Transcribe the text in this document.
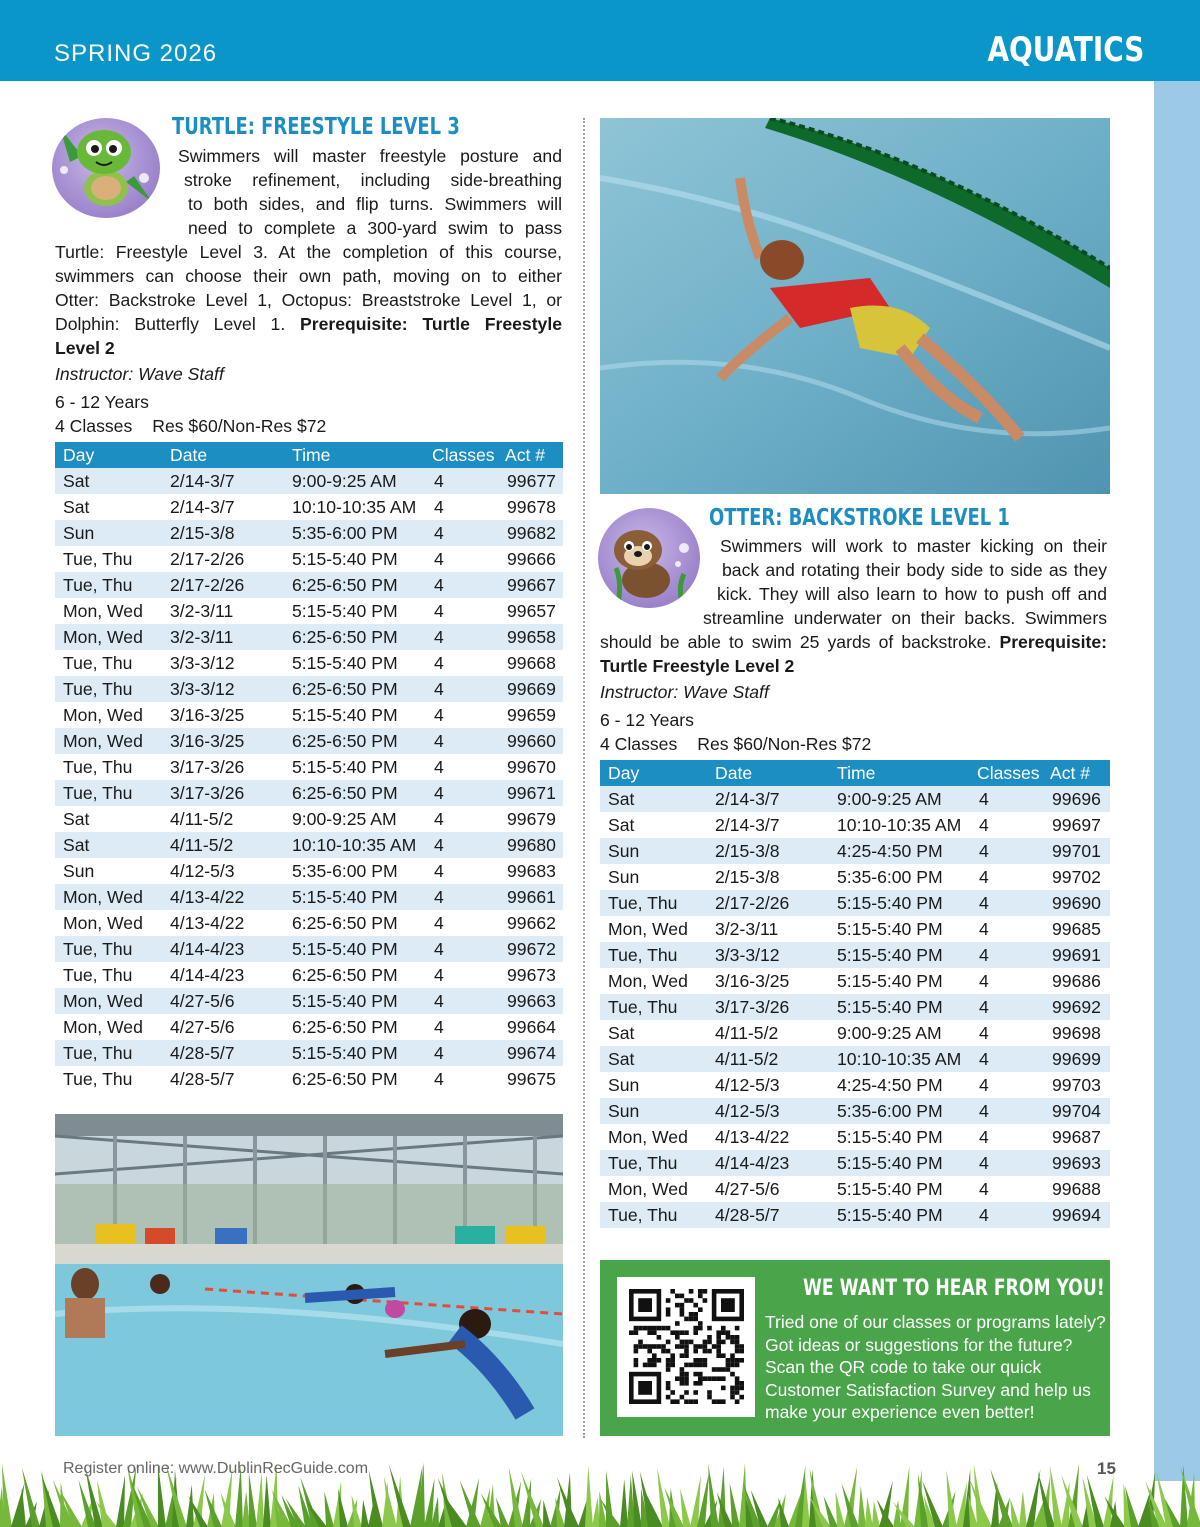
SPRING 2026	AQUATICS
TURTLE: FREESTYLE LEVEL 3
Swimmers will master freestyle posture and
stroke refinement, including side-breathing
to both sides, and flip turns. Swimmers will
need to complete a 300-yard swim to pass
Turtle: Freestyle Level 3. At the completion of this course,
swimmers can choose their own path, moving on to either
Otter: Backstroke Level 1, Octopus: Breaststroke Level 1, or
Dolphin: Butterfly Level 1. Prerequisite: Turtle Freestyle
Level 2
Instructor: Wave Staff
6 - 12 Years
4 Classes Res $60/Non-Res $72
Day	Date	Time	Classes	Act #
Sat	2/14-3/7	9:00-9:25 AM	4	99677
Sat	2/14-3/7	10:10-10:35 AM	4	99678
Sun	2/15-3/8	5:35-6:00 PM	4	99682
Tue, Thu	2/17-2/26	5:15-5:40 PM	4	99666
Tue, Thu	2/17-2/26	6:25-6:50 PM	4	99667
Mon, Wed	3/2-3/11	5:15-5:40 PM	4	99657
Mon, Wed	3/2-3/11	6:25-6:50 PM	4	99658
Tue, Thu	3/3-3/12	5:15-5:40 PM	4	99668
Tue, Thu	3/3-3/12	6:25-6:50 PM	4	99669
Mon, Wed	3/16-3/25	5:15-5:40 PM	4	99659
Mon, Wed	3/16-3/25	6:25-6:50 PM	4	99660
Tue, Thu	3/17-3/26	5:15-5:40 PM	4	99670
Tue, Thu	3/17-3/26	6:25-6:50 PM	4	99671
Sat	4/11-5/2	9:00-9:25 AM	4	99679
Sat	4/11-5/2	10:10-10:35 AM	4	99680
Sun	4/12-5/3	5:35-6:00 PM	4	99683
Mon, Wed	4/13-4/22	5:15-5:40 PM	4	99661
Mon, Wed	4/13-4/22	6:25-6:50 PM	4	99662
Tue, Thu	4/14-4/23	5:15-5:40 PM	4	99672
Tue, Thu	4/14-4/23	6:25-6:50 PM	4	99673
Mon, Wed	4/27-5/6	5:15-5:40 PM	4	99663
Mon, Wed	4/27-5/6	6:25-6:50 PM	4	99664
Tue, Thu	4/28-5/7	5:15-5:40 PM	4	99674
Tue, Thu	4/28-5/7	6:25-6:50 PM	4	99675
OTTER: BACKSTROKE LEVEL 1
Swimmers will work to master kicking on their
back and rotating their body side to side as they
kick. They will also learn to how to push off and
streamline underwater on their backs. Swimmers
should be able to swim 25 yards of backstroke. Prerequisite:
Turtle Freestyle Level 2
Instructor: Wave Staff
6 - 12 Years
4 Classes Res $60/Non-Res $72
Day	Date	Time	Classes	Act #
Sat	2/14-3/7	9:00-9:25 AM	4	99696
Sat	2/14-3/7	10:10-10:35 AM	4	99697
Sun	2/15-3/8	4:25-4:50 PM	4	99701
Sun	2/15-3/8	5:35-6:00 PM	4	99702
Tue, Thu	2/17-2/26	5:15-5:40 PM	4	99690
Mon, Wed	3/2-3/11	5:15-5:40 PM	4	99685
Tue, Thu	3/3-3/12	5:15-5:40 PM	4	99691
Mon, Wed	3/16-3/25	5:15-5:40 PM	4	99686
Tue, Thu	3/17-3/26	5:15-5:40 PM	4	99692
Sat	4/11-5/2	9:00-9:25 AM	4	99698
Sat	4/11-5/2	10:10-10:35 AM	4	99699
Sun	4/12-5/3	4:25-4:50 PM	4	99703
Sun	4/12-5/3	5:35-6:00 PM	4	99704
Mon, Wed	4/13-4/22	5:15-5:40 PM	4	99687
Tue, Thu	4/14-4/23	5:15-5:40 PM	4	99693
Mon, Wed	4/27-5/6	5:15-5:40 PM	4	99688
Tue, Thu	4/28-5/7	5:15-5:40 PM	4	99694
WE WANT TO HEAR FROM YOU!
Tried one of our classes or programs lately?
Got ideas or suggestions for the future?
Scan the QR code to take our quick
Customer Satisfaction Survey and help us
make your experience even better!
Register online: www.DublinRecGuide.com	15
